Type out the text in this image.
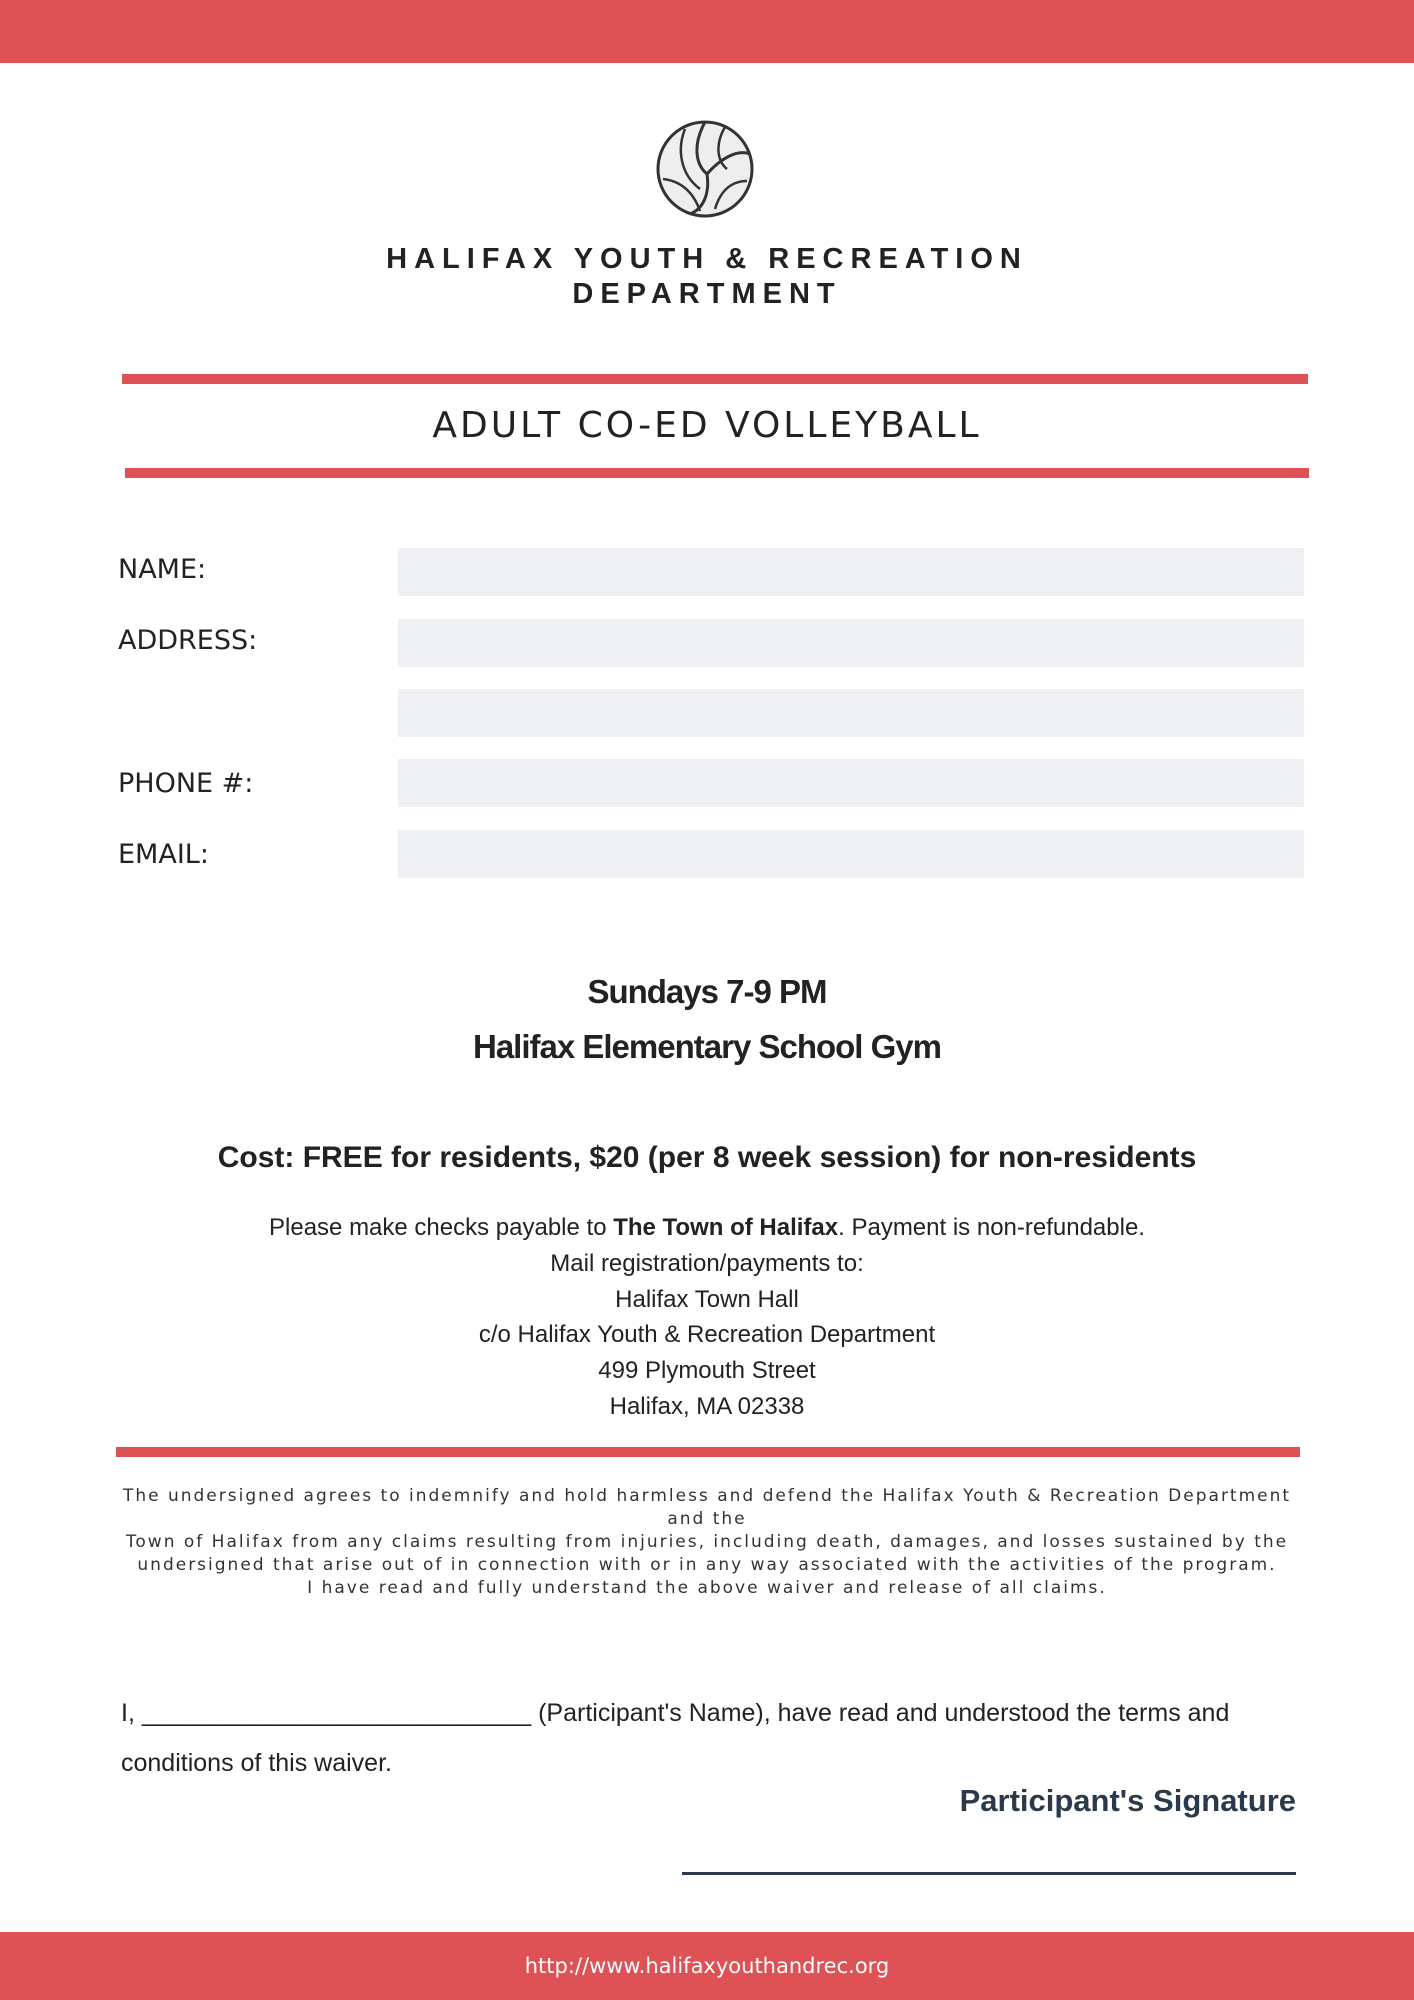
HALIFAX YOUTH & RECREATION
DEPARTMENT
ADULT CO-ED VOLLEYBALL
NAME:
ADDRESS:
PHONE #:
EMAIL:
Sundays 7-9 PM
Halifax Elementary School Gym
Cost: FREE for residents, $20 (per 8 week session) for non-residents
Please make checks payable to The Town of Halifax. Payment is non-refundable.
Mail registration/payments to:
Halifax Town Hall
c/o Halifax Youth & Recreation Department
499 Plymouth Street
Halifax, MA 02338
The undersigned agrees to indemnify and hold harmless and defend the Halifax Youth & Recreation Department and the
Town of Halifax from any claims resulting from injuries, including death, damages, and losses sustained by the
undersigned that arise out of in connection with or in any way associated with the activities of the program.
I have read and fully understand the above waiver and release of all claims.
I, ____________________________ (Participant's Name), have read and understood the terms and conditions of this waiver.
Participant's Signature
http://www.halifaxyouthandrec.org
